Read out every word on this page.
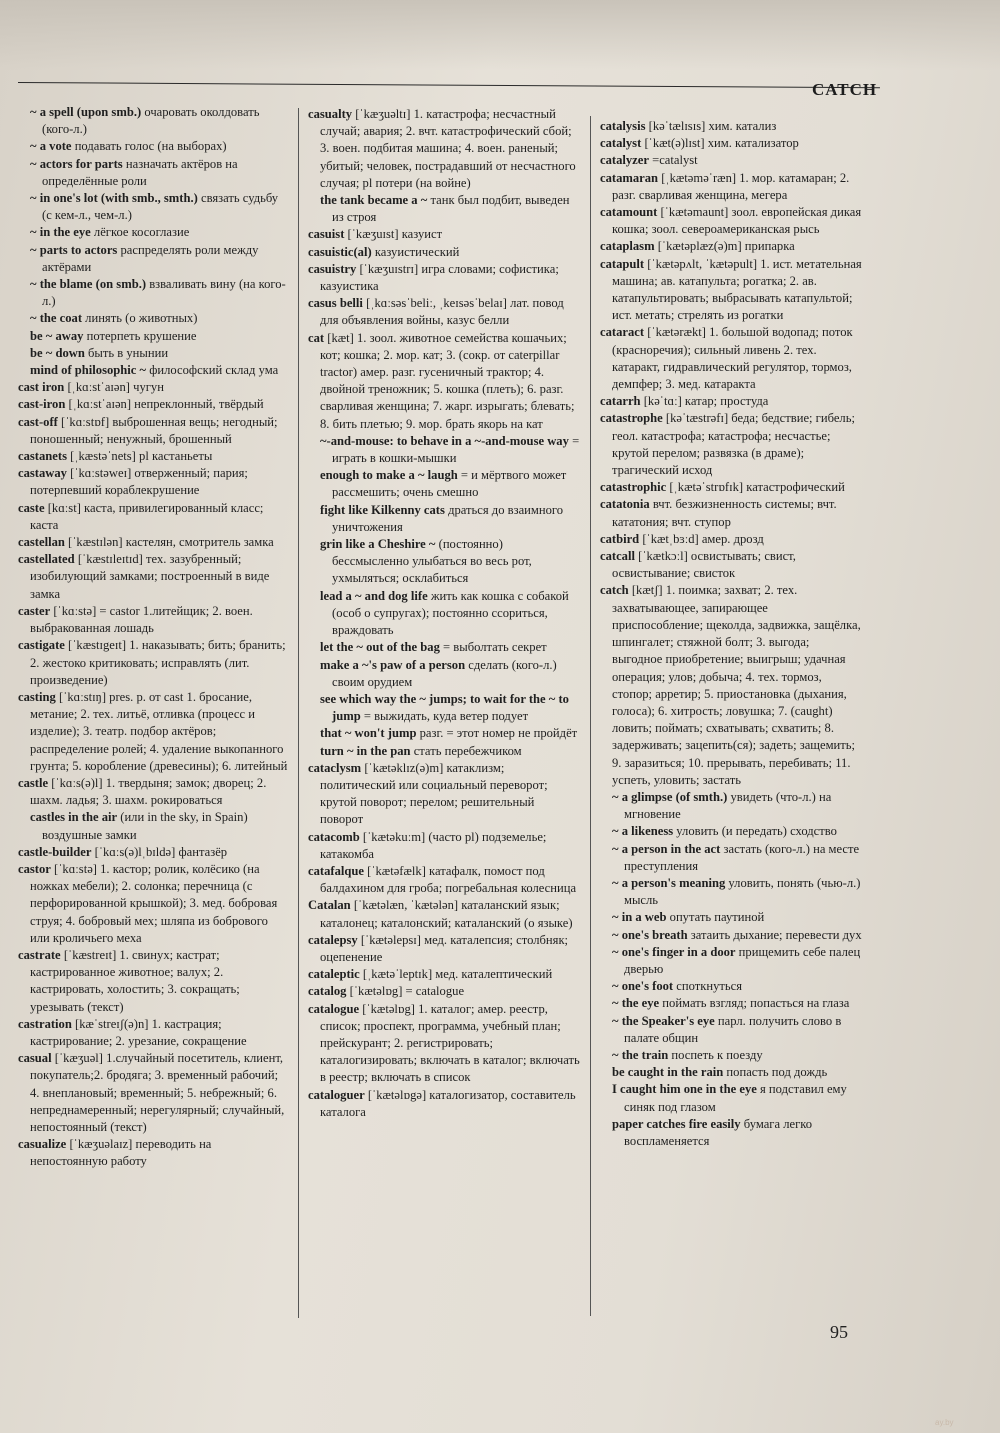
CATCH
~ a spell (upon smb.) очаровать околдовать (кого-л.)
~ a vote подавать голос (на выборах)
~ actors for parts назначать актёров на определённые роли
~ in one's lot (with smb., smth.) связать судьбу (с кем-л., чем-л.)
~ in the eye лёгкое косоглазие
~ parts to actors распределять роли между актёрами
~ the blame (on smb.) взваливать вину (на кого-л.)
~ the coat линять (о животных)
be ~ away потерпеть крушение
be ~ down быть в унынии
mind of philosophic ~ философский склад ума
cast iron [ˌkɑːstˈaɪən] чугун
cast-iron [ˌkɑːstˈaɪən] непреклонный, твёрдый
cast-off [ˈkɑːstɒf] выброшенная вещь; негодный; поношенный; ненужный, брошенный
castanets [ˌkæstəˈnets] pl кастаньеты
castaway [ˈkɑːstəweɪ] отверженный; пария; потерпевший кораблекрушение
caste [kɑːst] каста, привилегированный класс; каста
castellan [ˈkæstɪlən] кастелян, смотритель замка
castellated [ˈkæstɪleɪtɪd] тех. зазубренный; изобилующий замками; построенный в виде замка
caster [ˈkɑːstə] = castor 1.литейщик; 2. воен. выбракованная лошадь
castigate [ˈkæstɪgeɪt] 1. наказывать; бить; бранить; 2. жестоко критиковать; исправлять (лит. произведение)
casting [ˈkɑːstɪŋ] pres. p. от cast 1. бросание, метание; 2. тех. литьё, отливка (процесс и изделие); 3. театр. подбор актёров; распределение ролей; 4. удаление выкопанного грунта; 5. коробление (древесины); 6. литейный
castle [ˈkɑːs(ə)l] 1. твердыня; замок; дворец; 2. шахм. ладья; 3. шахм. рокироваться
castles in the air (или in the sky, in Spain) воздушные замки
castle-builder [ˈkɑːs(ə)lˌbɪldə] фантазёр
castor [ˈkɑːstə] 1. кастор; ролик, колёсико (на ножках мебели); 2. солонка; перечница (с перфорированной крышкой); 3. мед. бобровая струя; 4. бобровый мех; шляпа из бобрового или кроличьего меха
castrate [ˈkæstreɪt] 1. свинух; кастрат; кастрированное животное; валух; 2. кастрировать, холостить; 3. сокращать; урезывать (текст)
castration [kæˈstreɪʃ(ə)n] 1. кастрация; кастрирование; 2. урезание, сокращение
casual [ˈkæʒuəl] 1.случайный посетитель, клиент, покупатель;2. бродяга; 3. временный рабочий; 4. внеплановый; временный; 5. небрежный; 6. непреднамеренный; нерегулярный; случайный, непостоянный (текст)
casualize [ˈkæʒuəlaɪz] переводить на непостоянную работу
casualty [ˈkæʒuəltɪ] 1. катастрофа; несчастный случай; авария; 2. вчт. катастрофический сбой; 3. воен. подбитая машина; 4. воен. раненый; убитый; человек, пострадавший от несчастного случая; pl потери (на войне)
the tank became a ~ танк был подбит, выведен из строя
casuist [ˈkæʒuɪst] казуист
casuistic(al) казуистический
casuistry [ˈkæʒuɪstrɪ] игра словами; софистика; казуистика
casus belli [ˌkɑːsəsˈbeliː, ˌkeɪsəsˈbelaɪ] лат. повод для объявления войны, казус белли
cat [kæt] 1. зоол. животное семейства кошачьих; кот; кошка; 2. мор. кат; 3. (сокр. от caterpillar tractor) амер. разг. гусеничный трактор; 4. двойной треножник; 5. кошка (плеть); 6. разг. сварливая женщина; 7. жарг. изрыгать; блевать; 8. бить плетью; 9. мор. брать якорь на кат
~-and-mouse: to behave in a ~-and-mouse way = играть в кошки-мышки
enough to make a ~ laugh = и мёртвого может рассмешить; очень смешно
fight like Kilkenny cats драться до взаимного уничтожения
grin like a Cheshire ~ (постоянно) бессмысленно улыбаться во весь рот, ухмыляться; осклабиться
lead a ~ and dog life жить как кошка с собакой (особ о супругах); постоянно ссориться, враждовать
let the ~ out of the bag = выболтать секрет
make a ~'s paw of a person сделать (кого-л.) своим орудием
see which way the ~ jumps; to wait for the ~ to jump = выжидать, куда ветер подует
that ~ won't jump разг. = этот номер не пройдёт
turn ~ in the pan стать перебежчиком
cataclysm [ˈkætəklɪz(ə)m] катаклизм; политический или социальный переворот; крутой поворот; перелом; решительный поворот
catacomb [ˈkætəkuːm] (часто pl) подземелье; катакомба
catafalque [ˈkætəfælk] катафалк, помост под балдахином для гроба; погребальная колесница
Catalan [ˈkætəlæn, ˈkætələn] каталанский язык; каталонец; каталонский; каталанский (о языке)
catalepsy [ˈkætəlepsɪ] мед. каталепсия; столбняк; оцепенение
cataleptic [ˌkætəˈleptɪk] мед. каталептический
catalog [ˈkætəlɒg] = catalogue
catalogue [ˈkætəlɒg] 1. каталог; амер. реестр, список; проспект, программа, учебный план; прейскурант; 2. регистрировать; каталогизировать; включать в каталог; включать в реестр; включать в список
cataloguer [ˈkætəlɒgə] каталогизатор, составитель каталога
catalysis [kəˈtælɪsɪs] хим. катализ
catalyst [ˈkæt(ə)lɪst] хим. катализатор
catalyzer =catalyst
catamaran [ˌkætəməˈræn] 1. мор. катамаран; 2. разг. сварливая женщина, мегера
catamount [ˈkætəmaunt] зоол. европейская дикая кошка; зоол. североамериканская рысь
cataplasm [ˈkætəplæz(ə)m] припарка
catapult [ˈkætəpʌlt, ˈkætəpult] 1. ист. метательная машина; ав. катапульта; рогатка; 2. ав. катапультировать; выбрасывать катапультой; ист. метать; стрелять из рогатки
cataract [ˈkætərækt] 1. большой водопад; поток (красноречия); сильный ливень 2. тех. катаракт, гидравлический регулятор, тормоз, демпфер; 3. мед. катаракта
catarrh [kəˈtɑː] катар; простуда
catastrophe [kəˈtæstrəfɪ] беда; бедствие; гибель; геол. катастрофа; катастрофа; несчастье; крутой перелом; развязка (в драме); трагический исход
catastrophic [ˌkætəˈstrɒfɪk] катастрофический
catatonia вчт. безжизненность системы; вчт. кататония; вчт. ступор
catbird [ˈkætˌbɜːd] амер. дрозд
catcall [ˈkætkɔːl] освистывать; свист, освистывание; свисток
catch [kætʃ] 1. поимка; захват; 2. тех. захватывающее, запирающее приспособление; щеколда, задвижка, защёлка, шпингалет; стяжной болт; 3. выгода; выгодное приобретение; выигрыш; удачная операция; улов; добыча; 4. тех. тормоз, стопор; арретир; 5. приостановка (дыхания, голоса); 6. хитрость; ловушка; 7. (caught) ловить; поймать; схватывать; схватить; 8. задерживать; зацепить(ся); задеть; защемить; 9. заразиться; 10. прерывать, перебивать; 11. успеть, уловить; застать
~ a glimpse (of smth.) увидеть (что-л.) на мгновение
~ a likeness уловить (и передать) сходство
~ a person in the act застать (кого-л.) на месте преступления
~ a person's meaning уловить, понять (чью-л.) мысль
~ in a web опутать паутиной
~ one's breath затаить дыхание; перевести дух
~ one's finger in a door прищемить себе палец дверью
~ one's foot споткнуться
~ the eye поймать взгляд; попасться на глаза
~ the Speaker's eye парл. получить слово в палате общин
~ the train поспеть к поезду
be caught in the rain попасть под дождь
I caught him one in the eye я подставил ему синяк под глазом
paper catches fire easily бумага легко воспламеняется
95
ay.by
